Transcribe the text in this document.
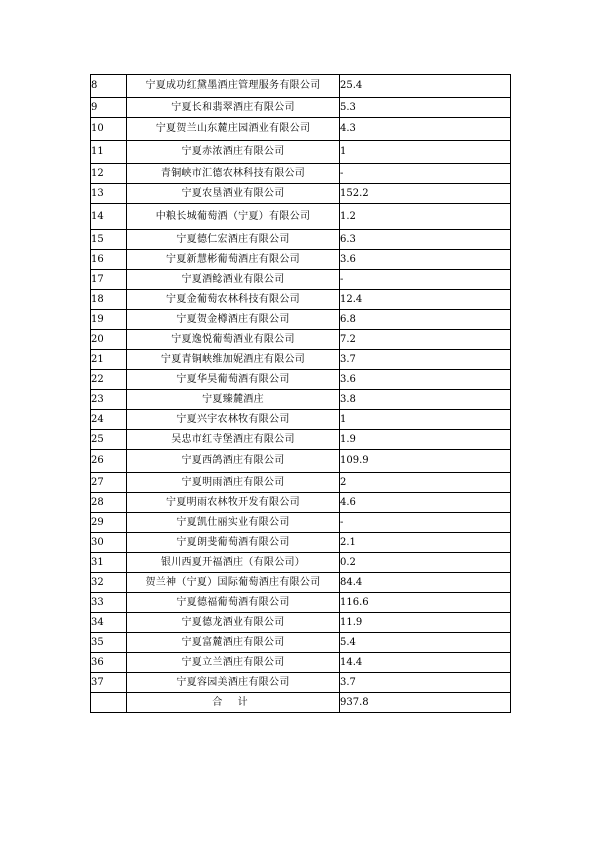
8	宁夏成功红黛墨酒庄管理服务有限公司	25.4
9	宁夏长和翡翠酒庄有限公司	5.3
10	宁夏贺兰山东麓庄园酒业有限公司	4.3
11	宁夏赤浓酒庄有限公司	1
12	青铜峡市汇德农林科技有限公司	-
13	宁夏农垦酒业有限公司	152.2
14	中粮长城葡萄酒（宁夏）有限公司	1.2
15	宁夏德仁宏酒庄有限公司	6.3
16	宁夏新慧彬葡萄酒庄有限公司	3.6
17	宁夏酒鲶酒业有限公司	-
18	宁夏金葡萄农林科技有限公司	12.4
19	宁夏贺金樽酒庄有限公司	6.8
20	宁夏逸悦葡萄酒业有限公司	7.2
21	宁夏青铜峡维加妮酒庄有限公司	3.7
22	宁夏华昊葡萄酒有限公司	3.6
23	宁夏臻麓酒庄	3.8
24	宁夏兴宇农林牧有限公司	1
25	吴忠市红寺堡酒庄有限公司	1.9
26	宁夏西鸽酒庄有限公司	109.9
27	宁夏明雨酒庄有限公司	2
28	宁夏明雨农林牧开发有限公司	4.6
29	宁夏凯仕丽实业有限公司	-
30	宁夏朗斐葡萄酒有限公司	2.1
31	银川西夏开福酒庄（有限公司）	0.2
32	贺兰神（宁夏）国际葡萄酒庄有限公司	84.4
33	宁夏德福葡萄酒有限公司	116.6
34	宁夏德龙酒业有限公司	11.9
35	宁夏富麓酒庄有限公司	5.4
36	宁夏立兰酒庄有限公司	14.4
37	宁夏容园美酒庄有限公司	3.7
	合 计	937.8
